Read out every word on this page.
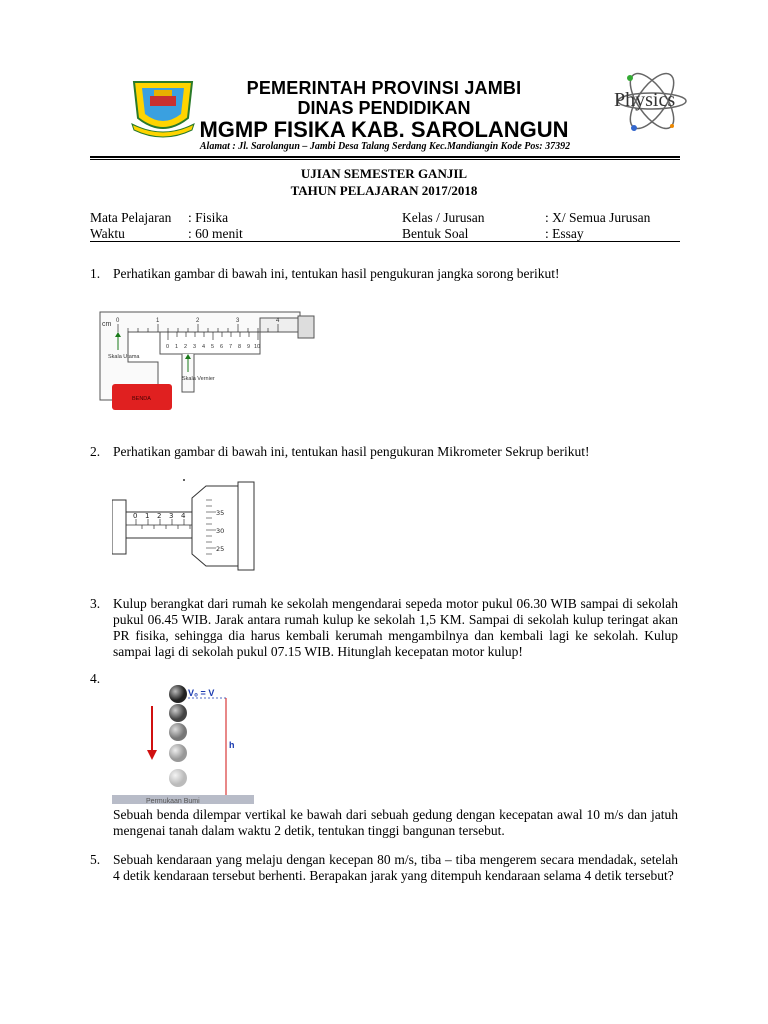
Physics
PEMERINTAH PROVINSI JAMBI
DINAS PENDIDIKAN
MGMP FISIKA KAB. SAROLANGUN
Alamat : Jl. Sarolangun – Jambi Desa Talang Serdang Kec.Mandiangin Kode Pos: 37392
UJIAN SEMESTER GANJIL
TAHUN PELAJARAN 2017/2018
Mata Pelajaran : Fisika
Waktu	: 60 menit
Kelas / Jurusan	: X/ Semua Jurusan
Bentuk Soal	: Essay
1. Perhatikan gambar di bawah ini, tentukan hasil pengukuran jangka sorong berikut!
cm 0	1	2	3	4
0 1 2 3 4 5 6 7 8 9 10
Skala Utama
Skala Vernier
BENDA
2. Perhatikan gambar di bawah ini, tentukan hasil pengukuran Mikrometer Sekrup berikut!
0 1 2 3 4	35
30
25
3. Kulup berangkat dari rumah ke sekolah mengendarai sepeda motor pukul 06.30 WIB sampai di sekolah pukul 06.45 WIB. Jarak antara rumah kulup ke sekolah 1,5 KM. Sampai di sekolah kulup teringat akan PR fisika, sehingga dia harus kembali kerumah mengambilnya dan kembali lagi ke sekolah. Kulup sampai lagi di sekolah pukul 07.15 WIB. Hitunglah kecepatan motor kulup!
4.
V₀ = V
h
Permukaan Bumi
Sebuah benda dilempar vertikal ke bawah dari sebuah gedung dengan kecepatan awal 10 m/s dan jatuh mengenai tanah dalam waktu 2 detik, tentukan tinggi bangunan tersebut.
5. Sebuah kendaraan yang melaju dengan kecepan 80 m/s, tiba – tiba mengerem secara mendadak, setelah 4 detik kendaraan tersebut berhenti. Berapakan jarak yang ditempuh kendaraan selama 4 detik tersebut?
